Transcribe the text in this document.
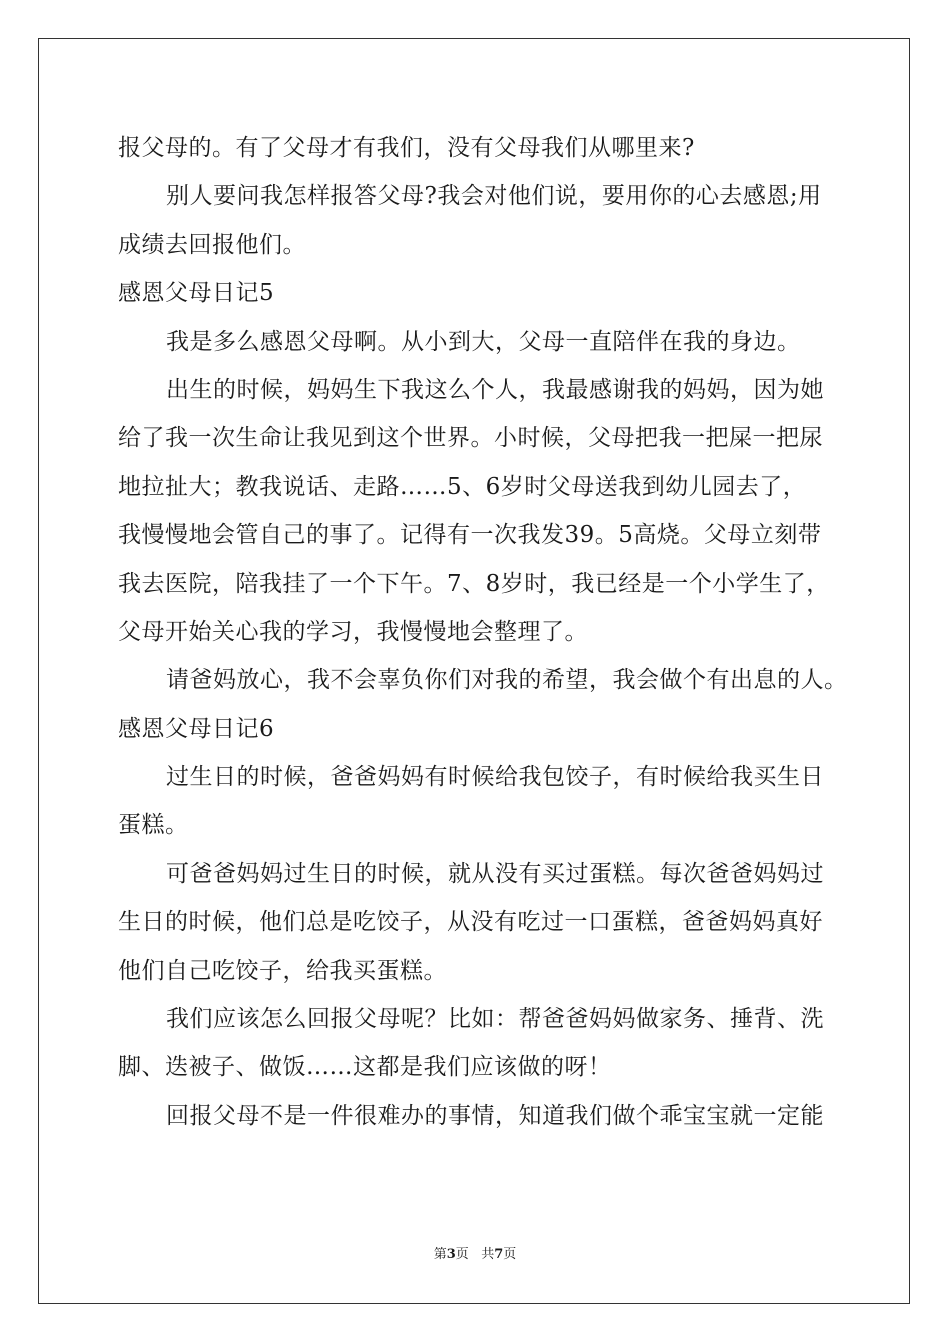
报父母的。有了父母才有我们，没有父母我们从哪里来?
别人要问我怎样报答父母?我会对他们说，要用你的心去感恩;用
成绩去回报他们。
感恩父母日记5
我是多么感恩父母啊。从小到大，父母一直陪伴在我的身边。
出生的时候，妈妈生下我这么个人，我最感谢我的妈妈，因为她
给了我一次生命让我见到这个世界。小时候，父母把我一把屎一把尿
地拉扯大；教我说话、走路……5、6岁时父母送我到幼儿园去了，
我慢慢地会管自己的事了。记得有一次我发39。5高烧。父母立刻带
我去医院，陪我挂了一个下午。7、8岁时，我已经是一个小学生了，
父母开始关心我的学习，我慢慢地会整理了。
请爸妈放心，我不会辜负你们对我的希望，我会做个有出息的人。
感恩父母日记6
过生日的时候，爸爸妈妈有时候给我包饺子，有时候给我买生日
蛋糕。
可爸爸妈妈过生日的时候，就从没有买过蛋糕。每次爸爸妈妈过
生日的时候，他们总是吃饺子，从没有吃过一口蛋糕，爸爸妈妈真好
他们自己吃饺子，给我买蛋糕。
我们应该怎么回报父母呢？比如：帮爸爸妈妈做家务、捶背、洗
脚、迭被子、做饭……这都是我们应该做的呀！
回报父母不是一件很难办的事情，知道我们做个乖宝宝就一定能
第3页 共7页
